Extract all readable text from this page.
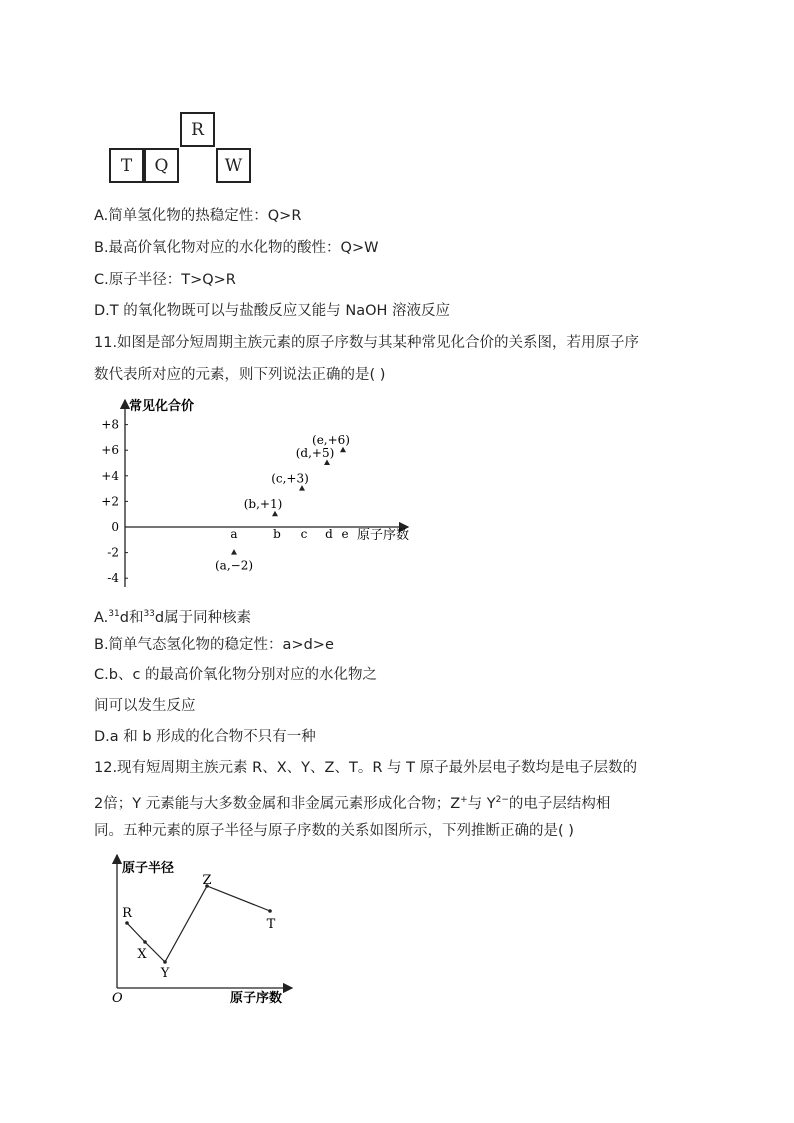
R
T	Q	W
A.简单氢化物的热稳定性：Q>R
B.最高价氧化物对应的水化物的酸性：Q>W
C.原子半径：T>Q>R
D.T 的氧化物既可以与盐酸反应又能与 NaOH 溶液反应
11.如图是部分短周期主族元素的原子序数与其某种常见化合价的关系图，若用原子序
数代表所对应的元素，则下列说法正确的是( )
常见化合价
原子序数
+8
+6
+4
+2
0
-2
-4
a	b c d e
(a,−2)
(b,+1)
(c,+3)
(d,+5)
(e,+6)
A.$^{31}$d和$^{33}$d属于同种核素
B.简单气态氢化物的稳定性：a>d>e
C.b、c 的最高价氧化物分别对应的水化物之
间可以发生反应
D.a 和 b 形成的化合物不只有一种
12.现有短周期主族元素 R、X、Y、Z、T。R 与 T 原子最外层电子数均是电子层数的
2倍；Y 元素能与大多数金属和非金属元素形成化合物；Z+与 $Y^{2-}$的电子层结构相
同。五种元素的原子半径与原子序数的关系如图所示，下列推断正确的是( )
原子半径
原子序数
O
R
X
Y
Z
T
